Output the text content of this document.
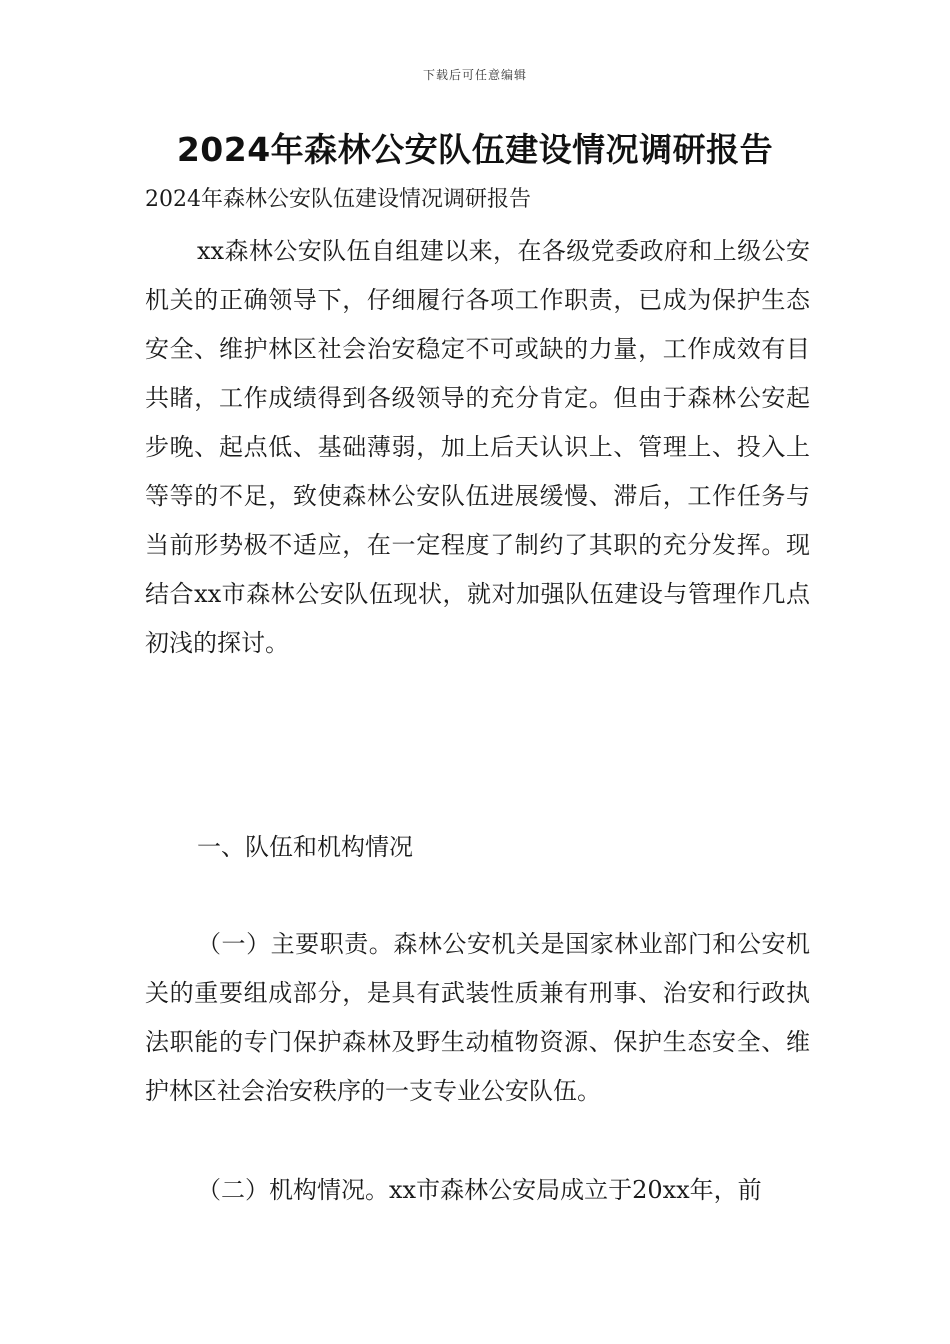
下载后可任意编辑
2024年森林公安队伍建设情况调研报告
2024年森林公安队伍建设情况调研报告
xx森林公安队伍自组建以来，在各级党委政府和上级公安机关的正确领导下，仔细履行各项工作职责，已成为保护生态安全、维护林区社会治安稳定不可或缺的力量，工作成效有目共睹，工作成绩得到各级领导的充分肯定。但由于森林公安起步晚、起点低、基础薄弱，加上后天认识上、管理上、投入上等等的不足，致使森林公安队伍进展缓慢、滞后，工作任务与当前形势极不适应，在一定程度了制约了其职的充分发挥。现结合xx市森林公安队伍现状，就对加强队伍建设与管理作几点初浅的探讨。
一、队伍和机构情况
（一）主要职责。森林公安机关是国家林业部门和公安机关的重要组成部分，是具有武装性质兼有刑事、治安和行政执法职能的专门保护森林及野生动植物资源、保护生态安全、维护林区社会治安秩序的一支专业公安队伍。
（二）机构情况。xx市森林公安局成立于20xx年，前
